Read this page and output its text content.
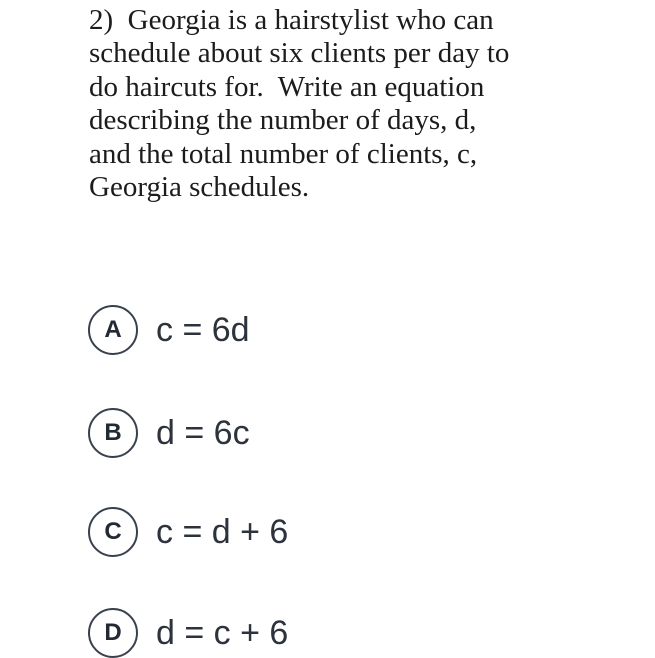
2)  Georgia is a hairstylist who can
schedule about six clients per day to
do haircuts for.  Write an equation
describing the number of days, d,
and the total number of clients, c,
Georgia schedules.
A c = 6d
B d = 6c
C c = d + 6
D d = c + 6
